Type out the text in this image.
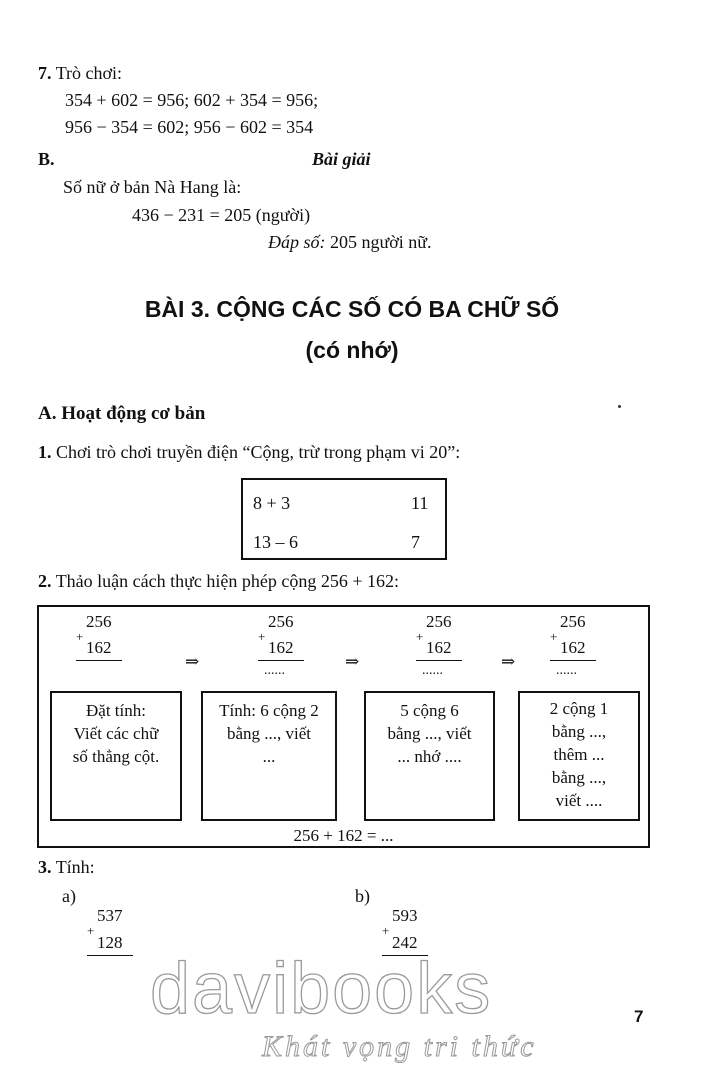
7. Trò chơi:
354 + 602 = 956; 602 + 354 = 956;
956 − 354 = 602; 956 − 602 = 354
B.	Bài giải
Số nữ ở bản Nà Hang là:
436 − 231 = 205 (người)
Đáp số: 205 người nữ.
BÀI 3. CỘNG CÁC SỐ CÓ BA CHỮ SỐ
(có nhớ)
A. Hoạt động cơ bản
1. Chơi trò chơi truyền điện “Cộng, trừ trong phạm vi 20”:
8 + 3	11
13 – 6	7
2. Thảo luận cách thực hiện phép cộng 256 + 162:
256
+
162
256
+
162
......
256
+
162
......
256
+
162
......
⇒	⇒	⇒
Đặt tính:
Viết các chữ
số thẳng cột.
Tính: 6 cộng 2
bằng ..., viết
...
5 cộng 6
bằng ..., viết
... nhớ ....
2 cộng 1
bằng ...,
thêm ...
bằng ...,
viết ....
256 + 162 = ...
3. Tính:
a)
537
+
128
b)
593
+
242
davibooks
Khát vọng tri thức
7
